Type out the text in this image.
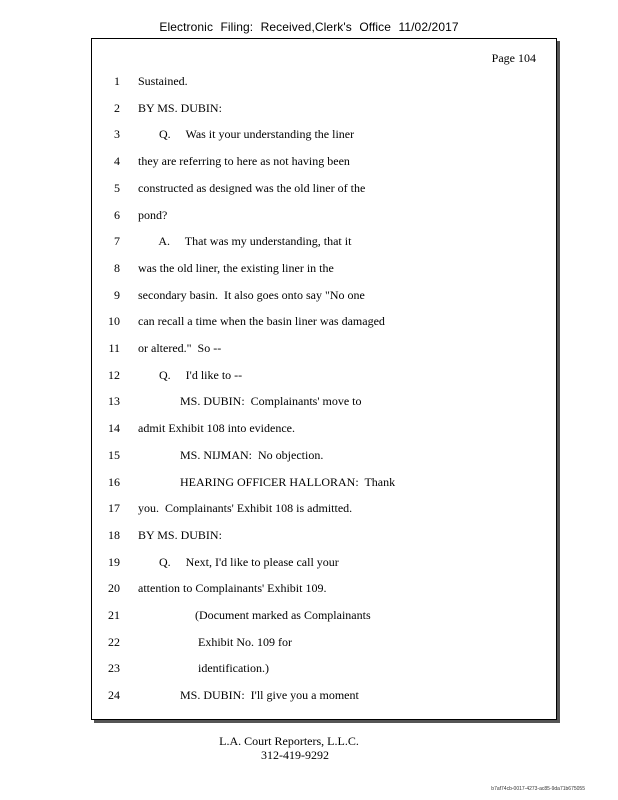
Electronic Filing: Received,Clerk's Office 11/02/2017
Page 104
1 Sustained.
2 BY MS. DUBIN:
3 Q.     Was it your understanding the liner
4 they are referring to here as not having been
5 constructed as designed was the old liner of the
6 pond?
7 A.     That was my understanding, that it
8 was the old liner, the existing liner in the
9 secondary basin.  It also goes onto say "No one
10 can recall a time when the basin liner was damaged
11 or altered."  So --
12 Q.     I'd like to --
13 MS. DUBIN:  Complainants' move to
14 admit Exhibit 108 into evidence.
15 MS. NIJMAN:  No objection.
16 HEARING OFFICER HALLORAN:  Thank
17 you.  Complainants' Exhibit 108 is admitted.
18 BY MS. DUBIN:
19 Q.     Next, I'd like to please call your
20 attention to Complainants' Exhibit 109.
21 (Document marked as Complainants
22 Exhibit No. 109 for
23 identification.)
24 MS. DUBIN:  I'll give you a moment
L.A. Court Reporters, L.L.C.
312-419-9292
b7af74cb-0017-4273-ac85-9da71b675055
